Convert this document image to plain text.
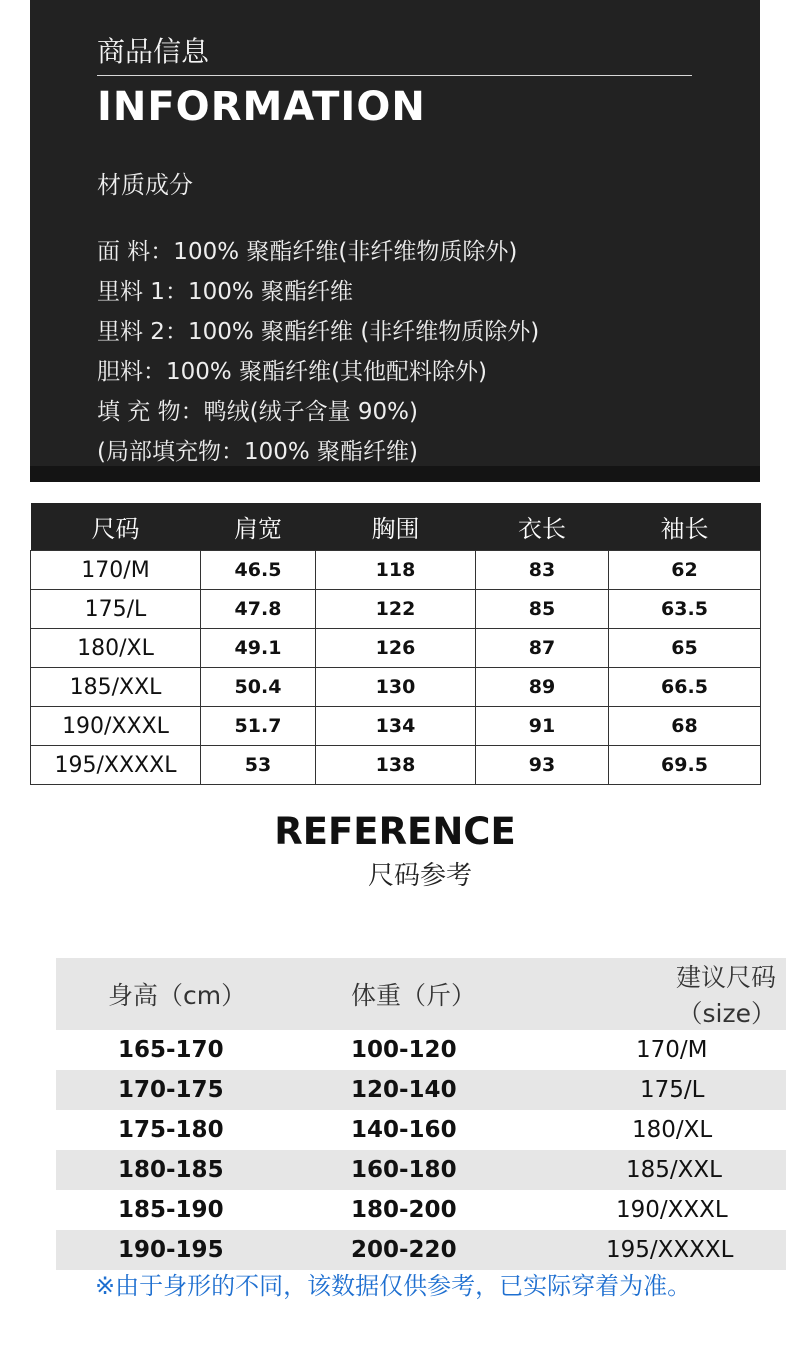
商品信息
INFORMATION
材质成分
面 料：100% 聚酯纤维(非纤维物质除外)
里料 1：100% 聚酯纤维
里料 2：100% 聚酯纤维 (非纤维物质除外)
胆料：100% 聚酯纤维(其他配料除外)
填 充 物：鸭绒(绒子含量 90%)
(局部填充物：100% 聚酯纤维)
尺码	肩宽	胸围	衣长	袖长
170/M	46.5	118	83	62
175/L	47.8	122	85	63.5
180/XL	49.1	126	87	65
185/XXL	50.4	130	89	66.5
190/XXXL	51.7	134	91	68
195/XXXXL	53	138	93	69.5
REFERENCE
尺码参考
身高（cm）	体重（斤）	建议尺码（size）
165-170	100-120	170/M
170-175	120-140	175/L
175-180	140-160	180/XL
180-185	160-180	185/XXL
185-190	180-200	190/XXXL
190-195	200-220	195/XXXXL
※由于身形的不同，该数据仅供参考，已实际穿着为准。
